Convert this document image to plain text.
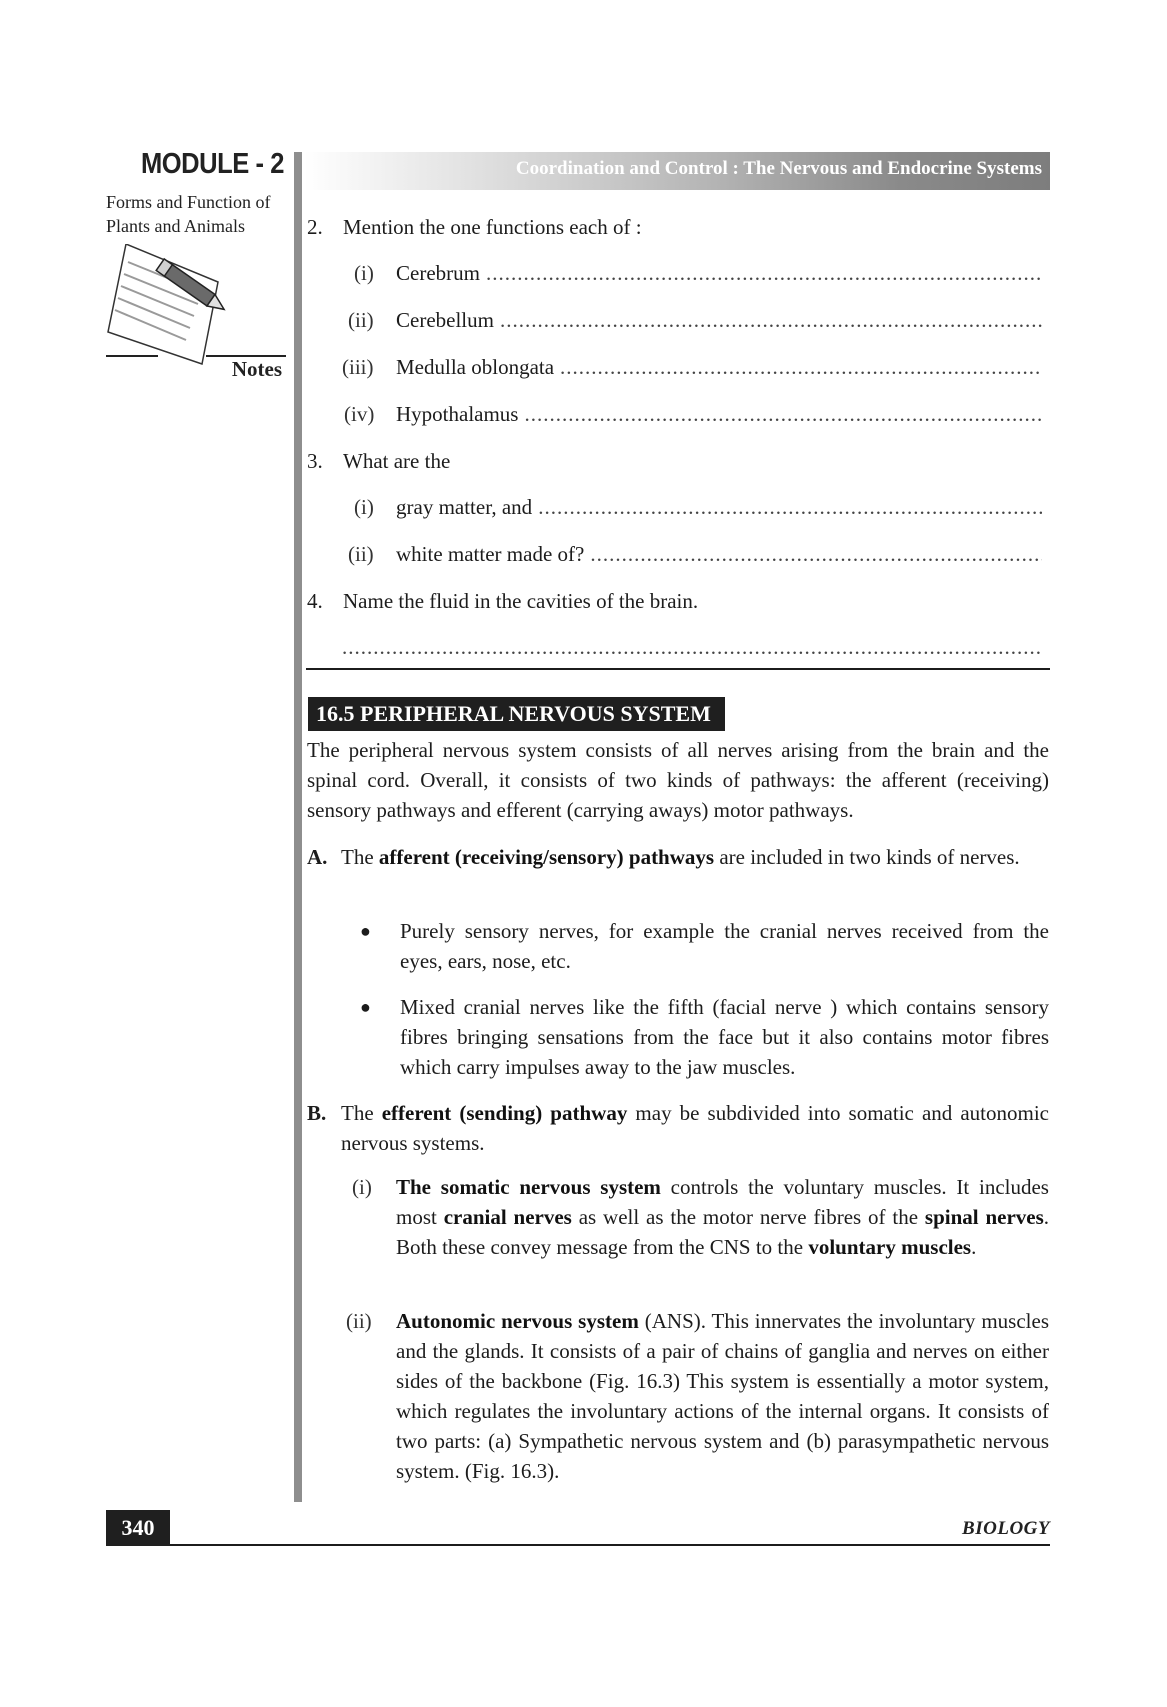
MODULE - 2
Forms and Function of Plants and Animals
Notes
Coordination and Control : The Nervous and Endocrine Systems
2. Mention the one functions each of :
(i)	Cerebrum
.....
(ii)	Cerebellum
.....
(iii)	Medulla oblongata
.....
(iv)	Hypothalamus
.....
3. What are the
(i)	gray matter, and
.....
(ii)	white matter made of?
.....
4. Name the fluid in the cavities of the brain.
.....
16.5 PERIPHERAL NERVOUS SYSTEM
The peripheral nervous system consists of all nerves arising from the brain and the spinal cord. Overall, it consists of two kinds of pathways: the afferent (receiving) sensory pathways and efferent (carrying aways) motor pathways.
A. The afferent (receiving/sensory) pathways are included in two kinds of nerves.
●	Purely sensory nerves, for example the cranial nerves received from the eyes, ears, nose, etc.
●	Mixed cranial nerves like the fifth (facial nerve ) which contains sensory fibres bringing sensations from the face but it also contains motor fibres which carry impulses away to the jaw muscles.
B. The efferent (sending) pathway may be subdivided into somatic and autonomic nervous systems.
(i)	The somatic nervous system controls the voluntary muscles. It includes most cranial nerves as well as the motor nerve fibres of the spinal nerves. Both these convey message from the CNS to the voluntary muscles.
(ii)	Autonomic nervous system (ANS). This innervates the involuntary muscles and the glands. It consists of a pair of chains of ganglia and nerves on either sides of the backbone (Fig. 16.3) This system is essentially a motor system, which regulates the involuntary actions of the internal organs. It consists of two parts: (a) Sympathetic nervous system and (b) parasympathetic nervous system. (Fig. 16.3).
340	BIOLOGY
